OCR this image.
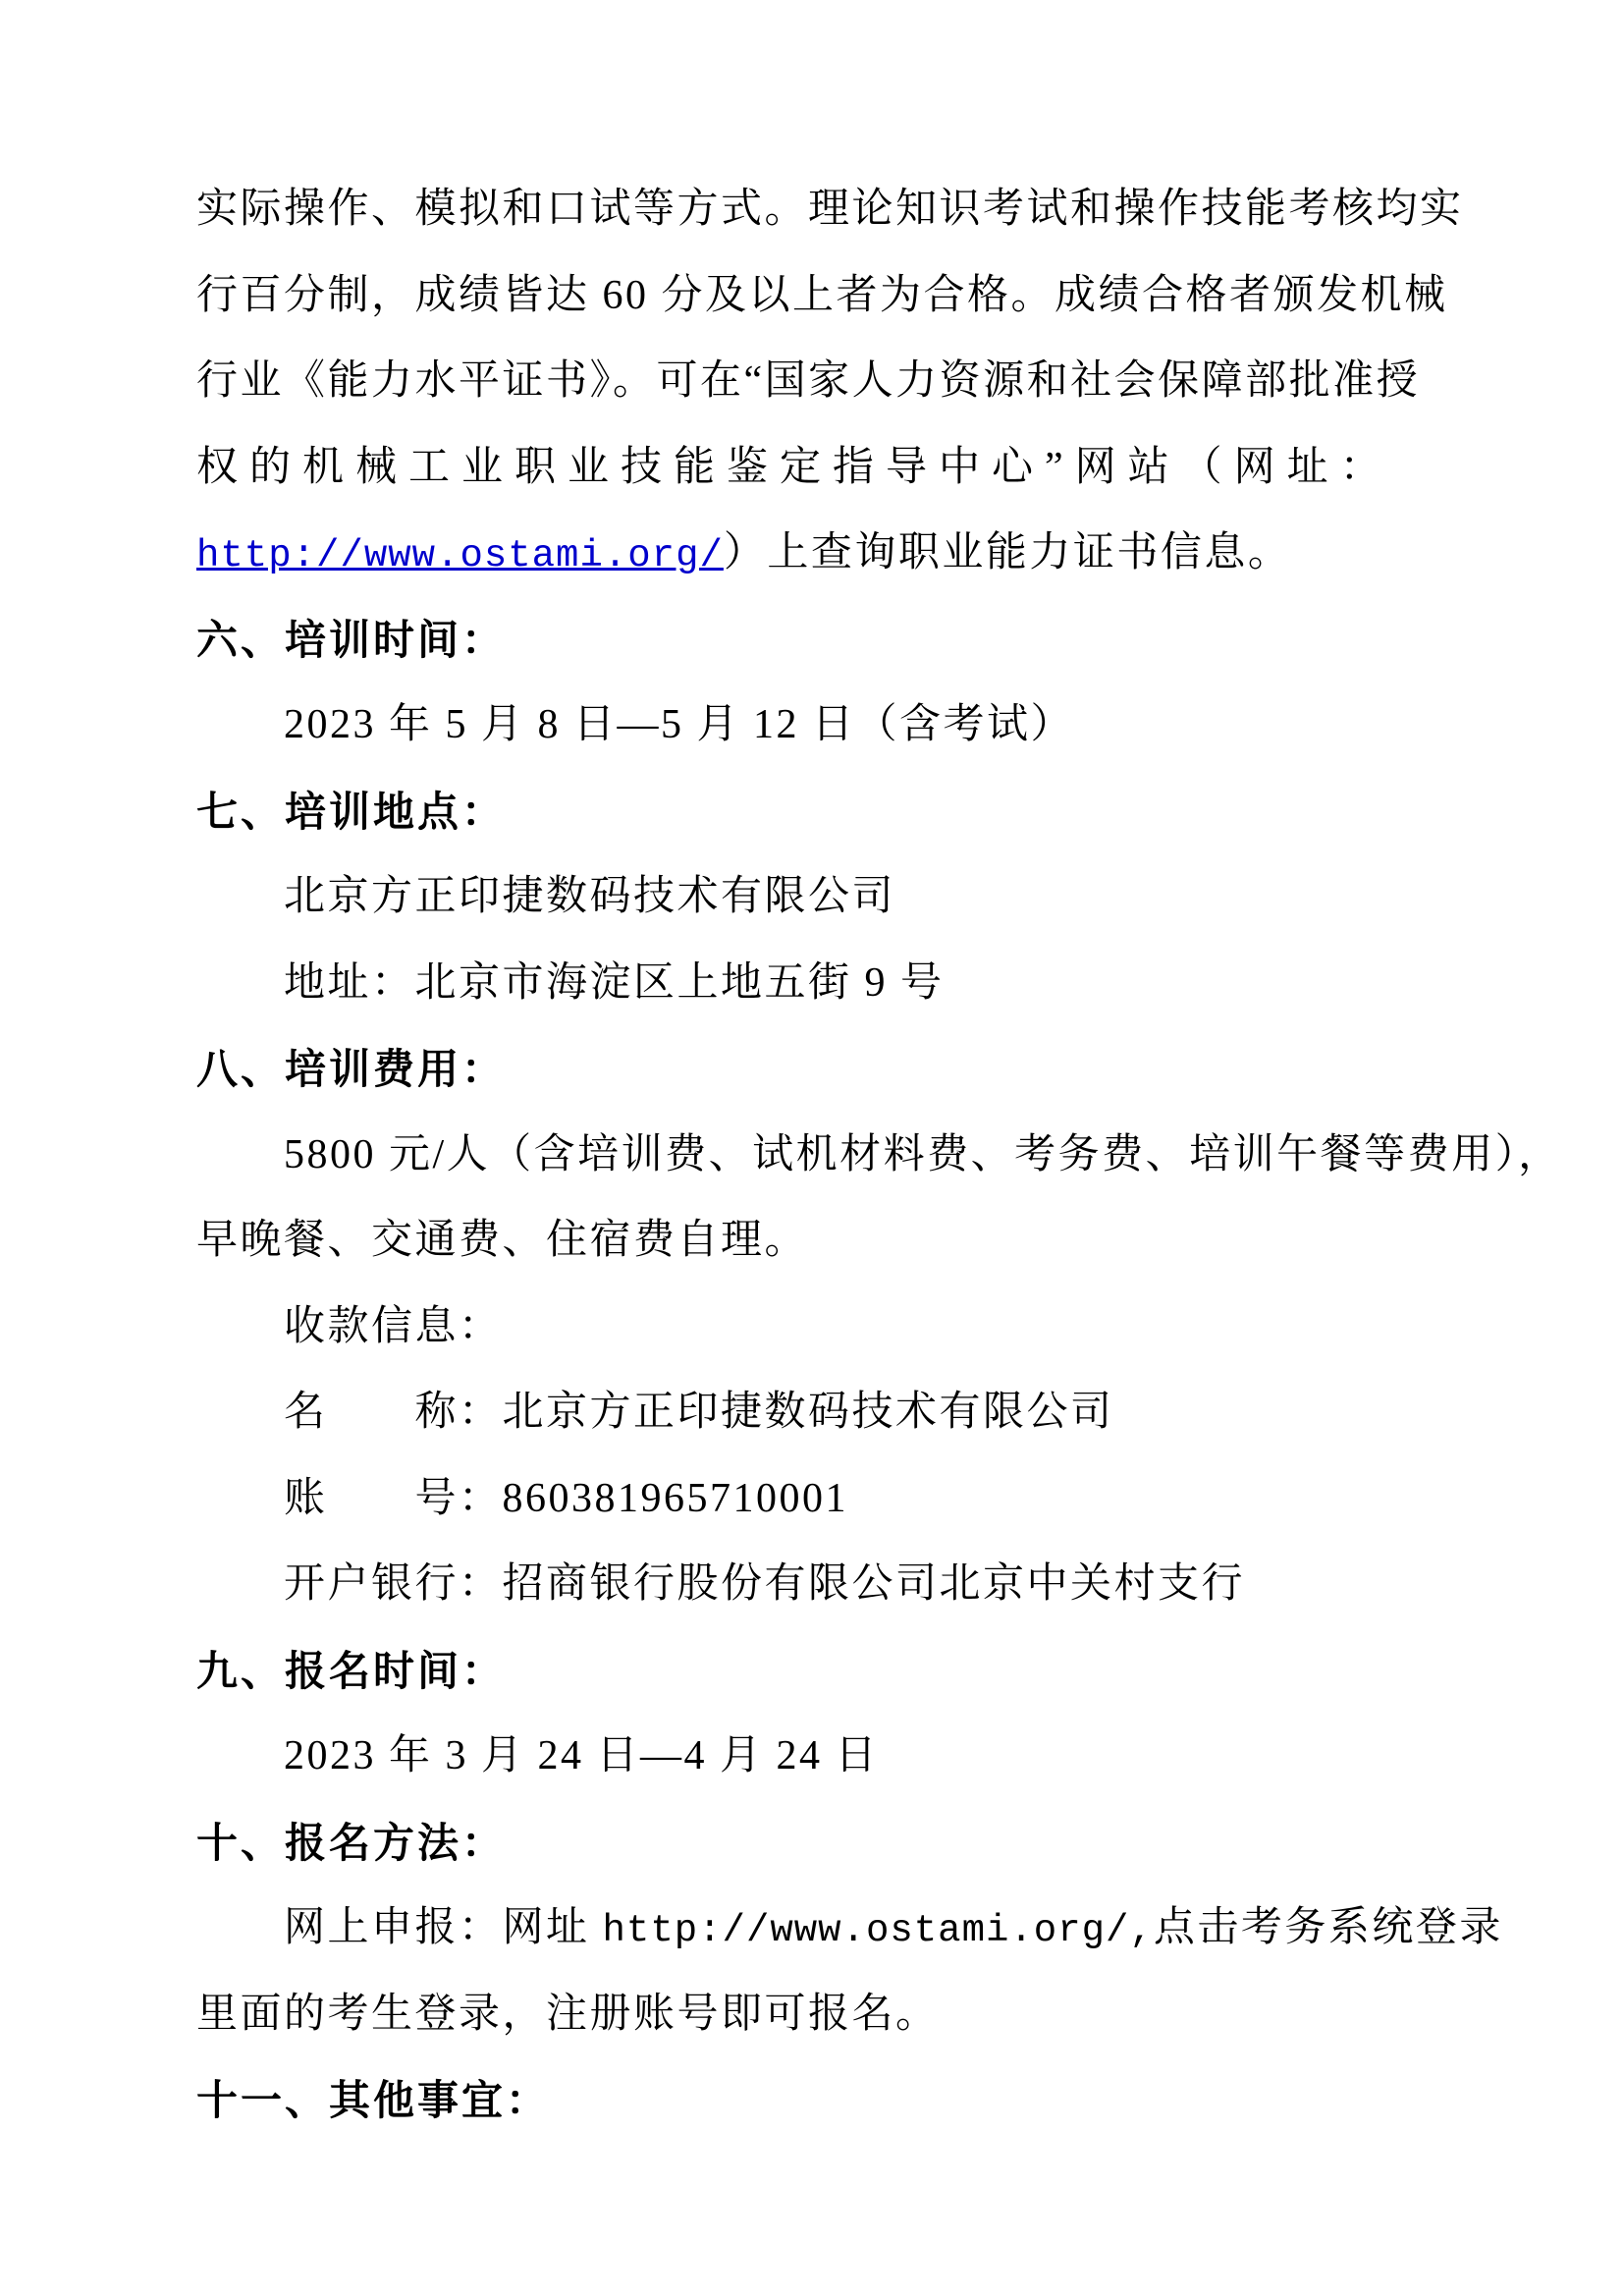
实际操作、模拟和口试等方式。理论知识考试和操作技能考核均实
行百分制，成绩皆达 60 分及以上者为合格。成绩合格者颁发机械
行业《能力水平证书》。可在“国家人力资源和社会保障部批准授
权的机械工业职业技能鉴定指导中心”网站（网址：
http://www.ostami.org/）上查询职业能力证书信息。
六、培训时间：
2023 年 5 月 8 日—5 月 12 日（含考试）
七、培训地点：
北京方正印捷数码技术有限公司
地址：北京市海淀区上地五街 9 号
八、培训费用：
5800 元/人（含培训费、试机材料费、考务费、培训午餐等费用），
早晚餐、交通费、住宿费自理。
收款信息：
名　　称：北京方正印捷数码技术有限公司
账　　号：860381965710001
开户银行：招商银行股份有限公司北京中关村支行
九、报名时间：
2023 年 3 月 24 日—4 月 24 日
十、报名方法：
网上申报：网址 http://www.ostami.org/,点击考务系统登录
里面的考生登录，注册账号即可报名。
十一、其他事宜：
